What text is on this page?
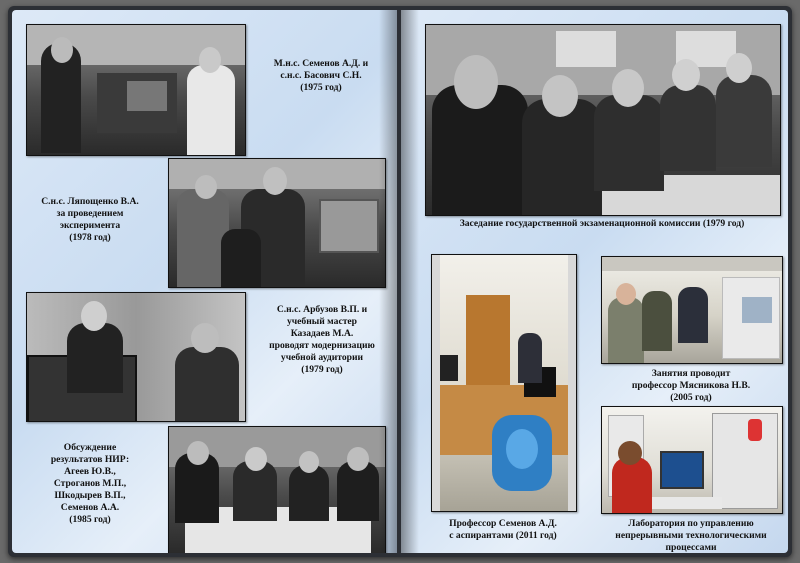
М.н.с. Семенов А.Д. и
с.н.с. Басович С.Н.
(1975 год)
С.н.с. Ляпощенко В.А.
за проведением
эксперимента
(1978 год)
С.н.с. Арбузов В.П. и
учебный мастер
Казадаев М.А.
проводят модернизацию
учебной аудитории
(1979 год)
Обсуждение
результатов НИР:
Агеев Ю.В.,
Строганов М.П.,
Шкодырев В.П.,
Семенов А.А.
(1985 год)
Заседание государственной экзаменационной комиссии (1979 год)
Профессор Семенов А.Д.
с аспирантами (2011 год)
Занятия проводит
профессор Мясникова Н.В.
(2005 год)
Лаборатория по управлению
непрерывными технологическими
процессами
